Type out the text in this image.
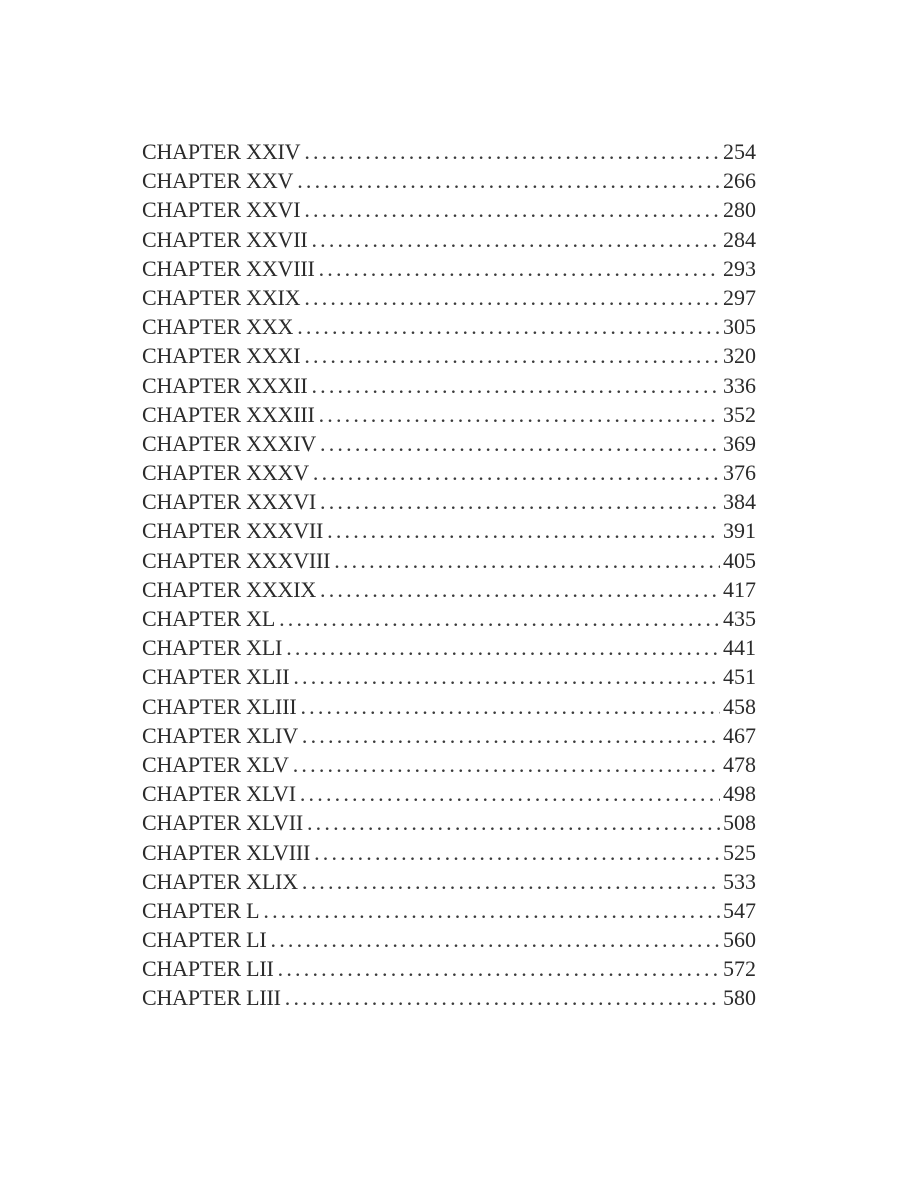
CHAPTER XXIV .....	254
CHAPTER XXV .....	266
CHAPTER XXVI .....	280
CHAPTER XXVII .....	284
CHAPTER XXVIII .....	293
CHAPTER XXIX .....	297
CHAPTER XXX .....	305
CHAPTER XXXI .....	320
CHAPTER XXXII .....	336
CHAPTER XXXIII .....	352
CHAPTER XXXIV .....	369
CHAPTER XXXV .....	376
CHAPTER XXXVI .....	384
CHAPTER XXXVII .....	391
CHAPTER XXXVIII .....	405
CHAPTER XXXIX .....	417
CHAPTER XL .....	435
CHAPTER XLI .....	441
CHAPTER XLII .....	451
CHAPTER XLIII .....	458
CHAPTER XLIV .....	467
CHAPTER XLV .....	478
CHAPTER XLVI .....	498
CHAPTER XLVII .....	508
CHAPTER XLVIII .....	525
CHAPTER XLIX .....	533
CHAPTER L .....	547
CHAPTER LI .....	560
CHAPTER LII .....	572
CHAPTER LIII .....	580
